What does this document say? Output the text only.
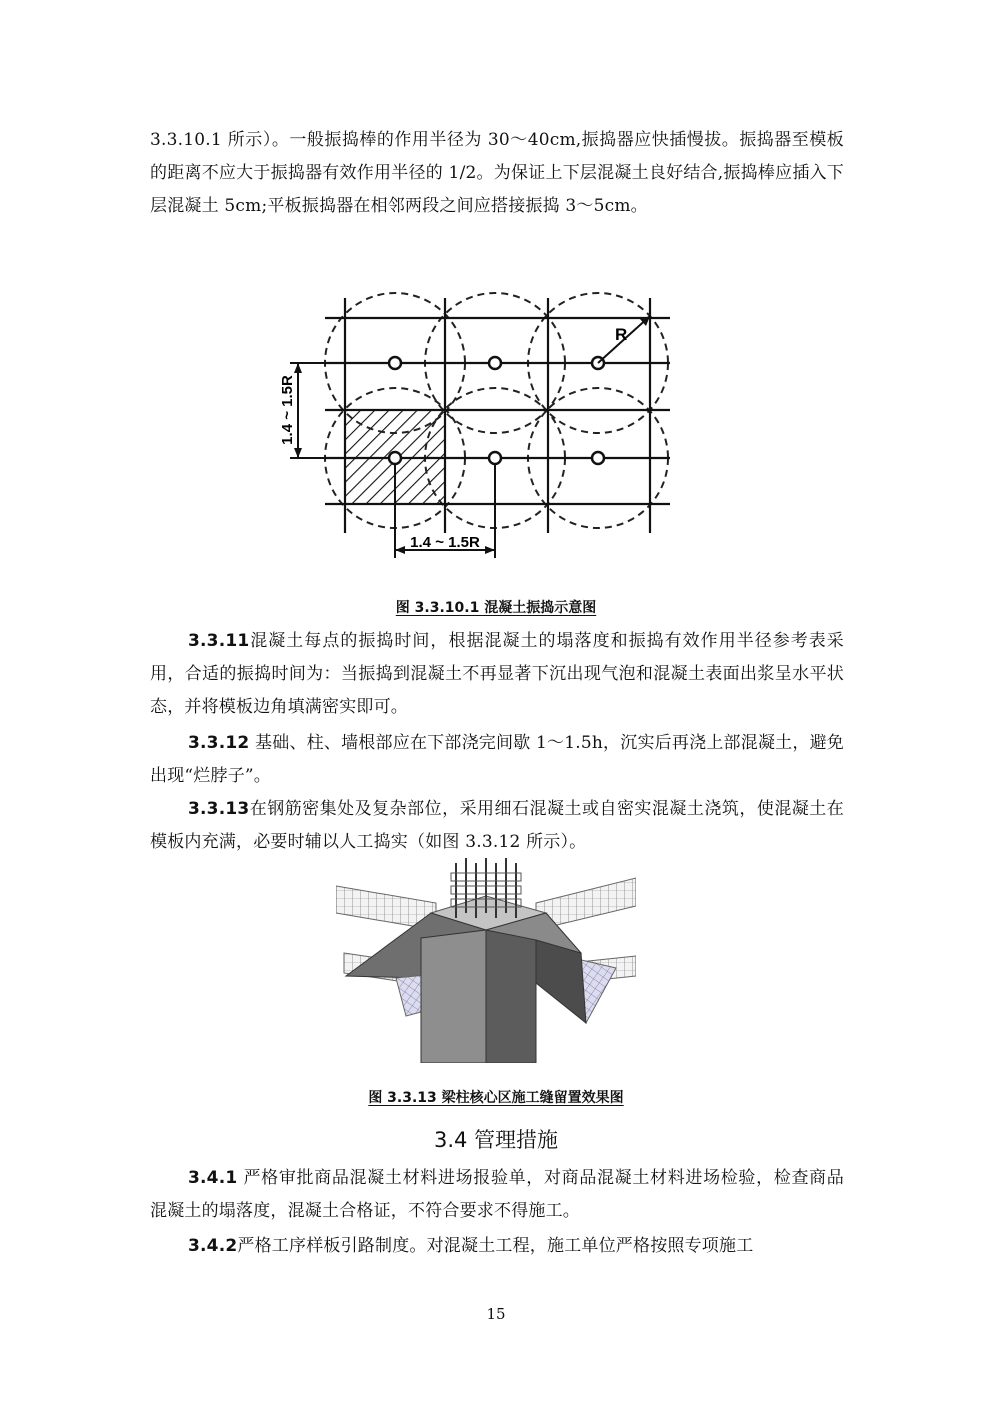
3.3.10.1 所示）。一般振捣棒的作用半径为 30～40cm,振捣器应快插慢拔。振捣器至模板的距离不应大于振捣器有效作用半径的 1/2。为保证上下层混凝土良好结合,振捣棒应插入下层混凝土 5cm;平板振捣器在相邻两段之间应搭接振捣 3～5cm。

R
1.4 ~ 1.5R
1.4 ~ 1.5R
图 3.3.10.1 混凝土振捣示意图

3.3.11混凝土每点的振捣时间，根据混凝土的塌落度和振捣有效作用半径参考表采用，合适的振捣时间为：当振捣到混凝土不再显著下沉出现气泡和混凝土表面出浆呈水平状态，并将模板边角填满密实即可。

3.3.12 基础、柱、墙根部应在下部浇完间歇 1～1.5h，沉实后再浇上部混凝土，避免出现“烂脖子”。

3.3.13在钢筋密集处及复杂部位，采用细石混凝土或自密实混凝土浇筑，使混凝土在模板内充满，必要时辅以人工捣实（如图 3.3.12 所示）。

图 3.3.13 梁柱核心区施工缝留置效果图
3.4 管理措施

3.4.1 严格审批商品混凝土材料进场报验单，对商品混凝土材料进场检验，检查商品混凝土的塌落度，混凝土合格证，不符合要求不得施工。

3.4.2严格工序样板引路制度。对混凝土工程，施工单位严格按照专项施工

15
